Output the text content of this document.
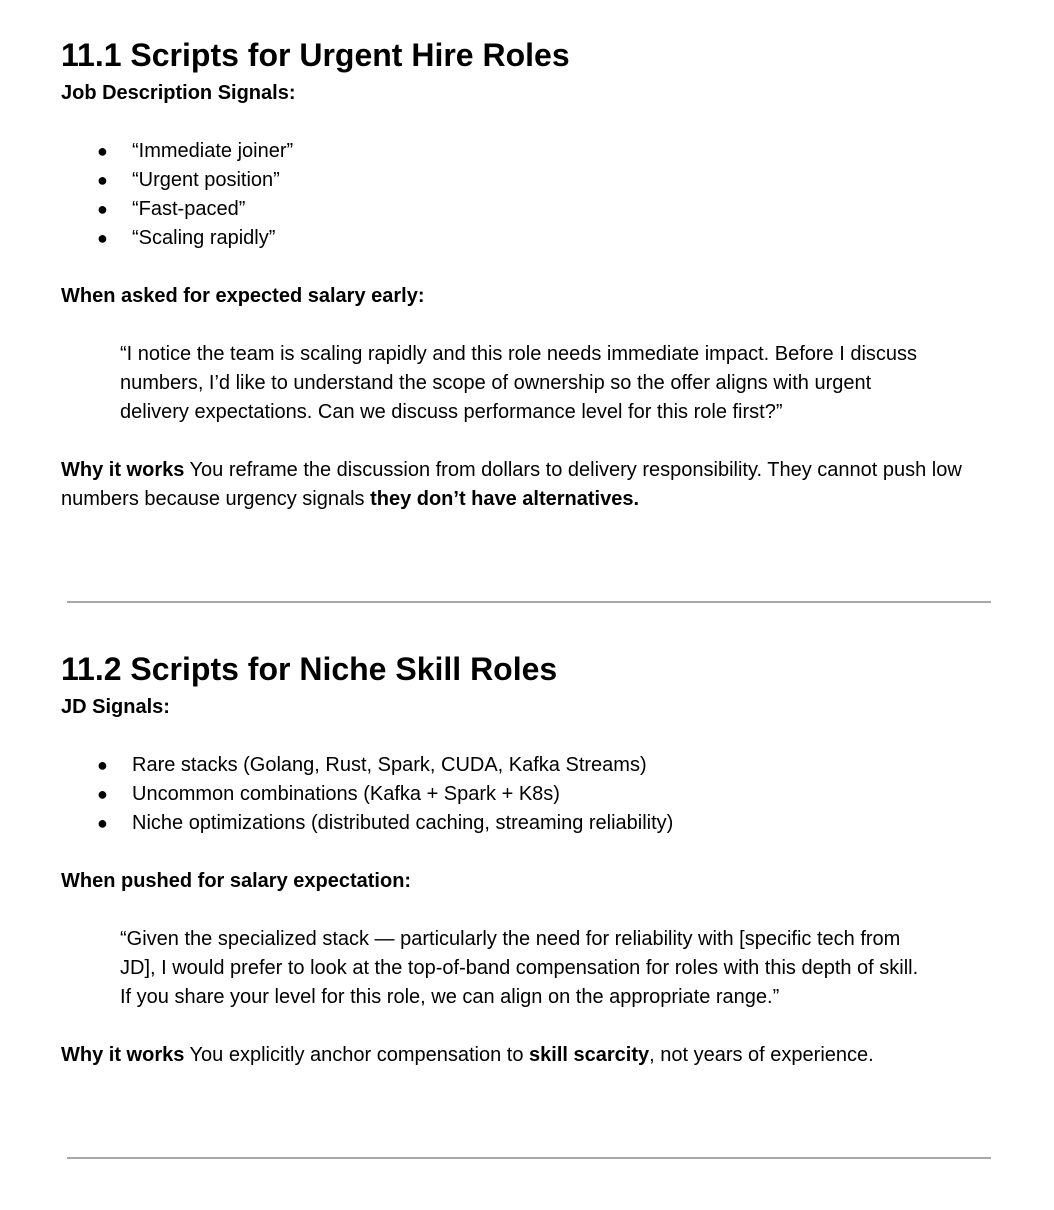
11.1 Scripts for Urgent Hire Roles

Job Description Signals:

● “Immediate joiner”
● “Urgent position”
● “Fast-paced”
● “Scaling rapidly”

When asked for expected salary early:

“I notice the team is scaling rapidly and this role needs immediate impact. Before I discuss numbers, I’d like to understand the scope of ownership so the offer aligns with urgent delivery expectations. Can we discuss performance level for this role first?”

Why it works You reframe the discussion from dollars to delivery responsibility. They cannot push low numbers because urgency signals they don’t have alternatives.

11.2 Scripts for Niche Skill Roles

JD Signals:

● Rare stacks (Golang, Rust, Spark, CUDA, Kafka Streams)
● Uncommon combinations (Kafka + Spark + K8s)
● Niche optimizations (distributed caching, streaming reliability)

When pushed for salary expectation:

“Given the specialized stack — particularly the need for reliability with [specific tech from JD], I would prefer to look at the top-of-band compensation for roles with this depth of skill. If you share your level for this role, we can align on the appropriate range.”

Why it works You explicitly anchor compensation to skill scarcity, not years of experience.
